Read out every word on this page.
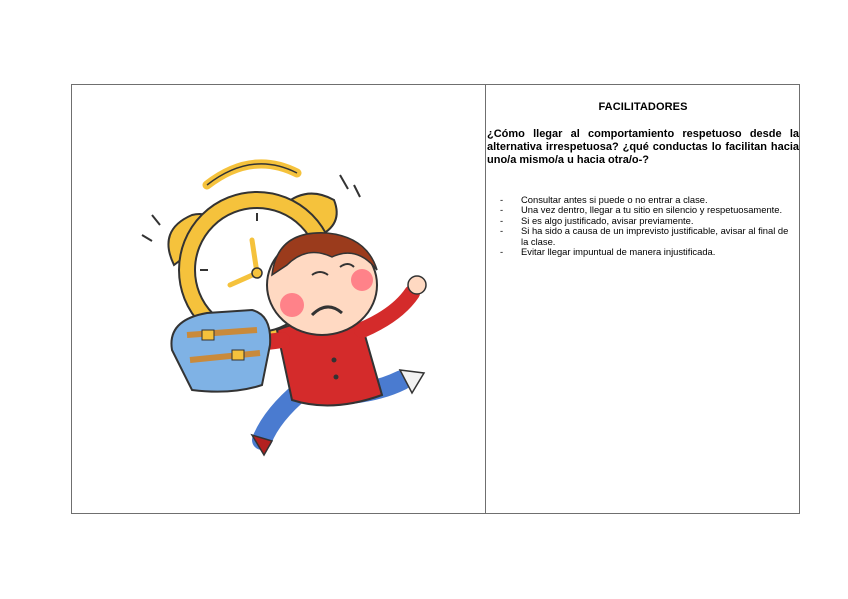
FACILITADORES
¿Cómo llegar al comportamiento respetuoso desde la alternativa irrespetuosa? ¿qué conductas lo facilitan hacia uno/a mismo/a u hacia otra/o-?
- Consultar antes si puede o no entrar a clase.
- Una vez dentro, llegar a tu sitio en silencio y respetuosamente.
- Si es algo justificado, avisar previamente.
- Si ha sido a causa de un imprevisto justificable, avisar al final de la clase.
- Evitar llegar impuntual de manera injustificada.
